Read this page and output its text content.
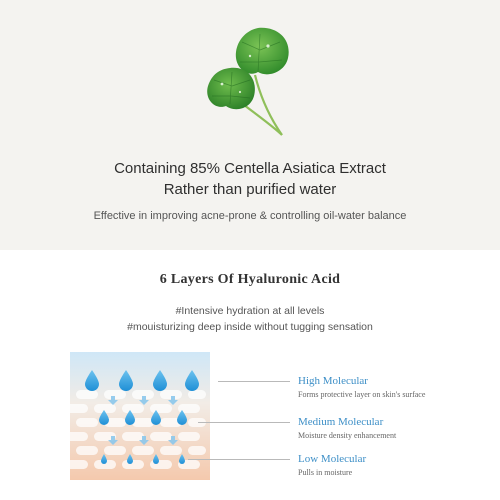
Containing 85% Centella Asiatica Extract
Rather than purified water
Effective in improving acne-prone & controlling oil-water balance
6 Layers Of Hyaluronic Acid
#Intensive hydration at all levels
#mouisturizing deep inside without tugging sensation
High Molecular
Forms protective layer on skin's surface
Medium Molecular
Moisture density enhancement
Low Molecular
Pulls in moisture
